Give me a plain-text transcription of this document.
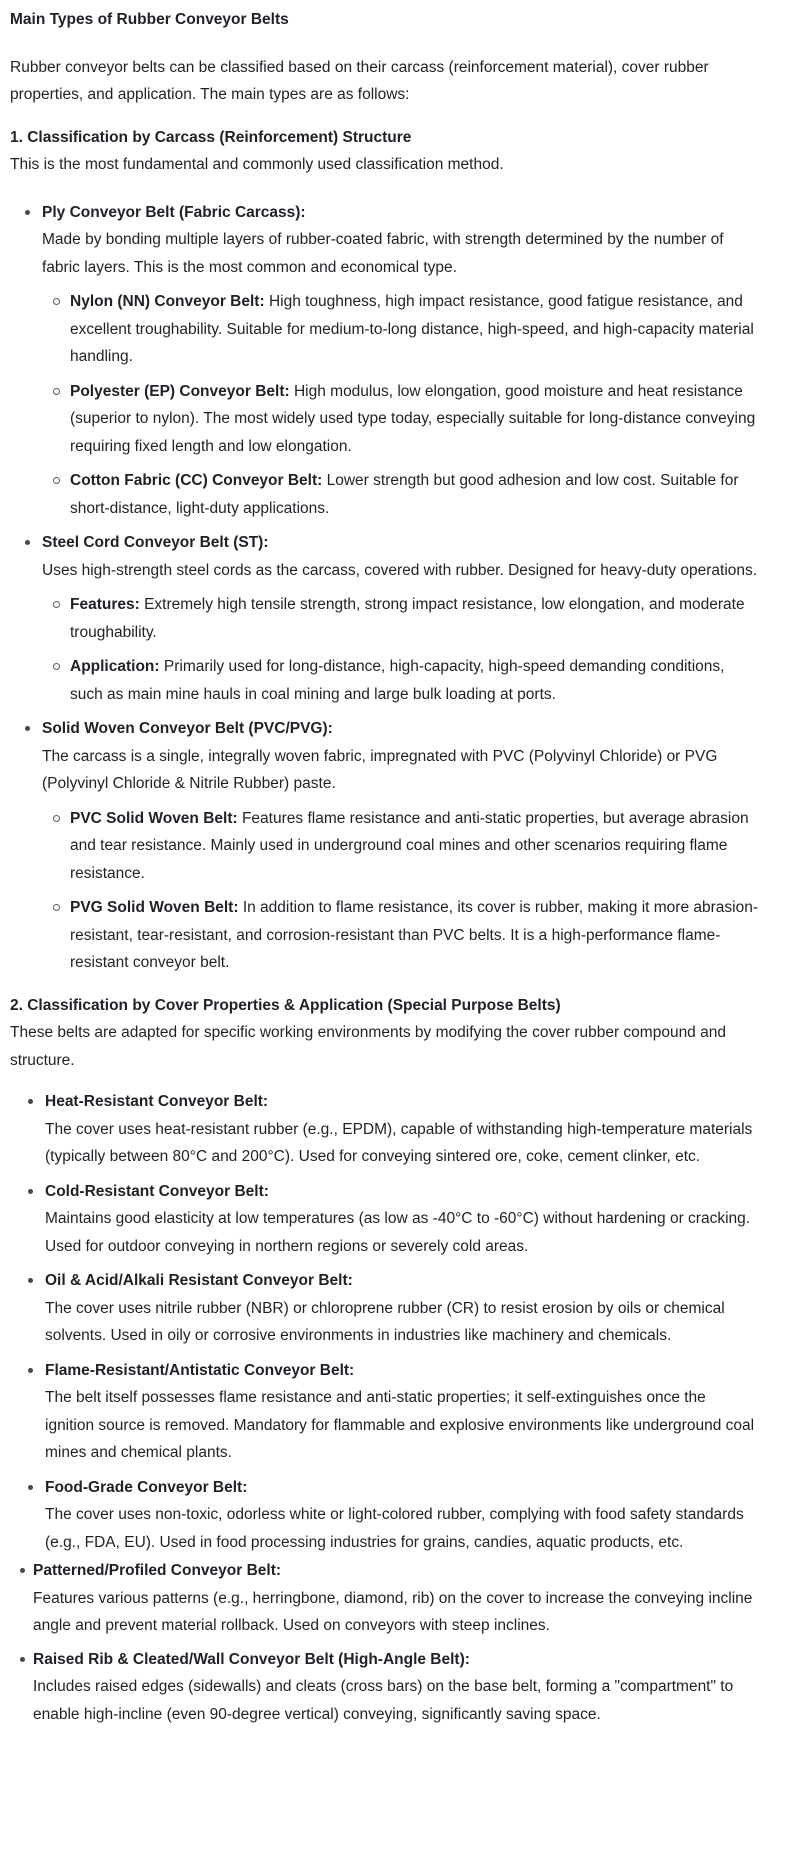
Main Types of Rubber Conveyor Belts

Rubber conveyor belts can be classified based on their carcass (reinforcement material), cover rubber properties, and application. The main types are as follows:

1. Classification by Carcass (Reinforcement) Structure

This is the most fundamental and commonly used classification method.

Ply Conveyor Belt (Fabric Carcass):
Made by bonding multiple layers of rubber-coated fabric, with strength determined by the number of fabric layers. This is the most common and economical type.
Nylon (NN) Conveyor Belt: High toughness, high impact resistance, good fatigue resistance, and excellent troughability. Suitable for medium-to-long distance, high-speed, and high-capacity material handling.
Polyester (EP) Conveyor Belt: High modulus, low elongation, good moisture and heat resistance (superior to nylon). The most widely used type today, especially suitable for long-distance conveying requiring fixed length and low elongation.
Cotton Fabric (CC) Conveyor Belt: Lower strength but good adhesion and low cost. Suitable for short-distance, light-duty applications.
Steel Cord Conveyor Belt (ST):
Uses high-strength steel cords as the carcass, covered with rubber. Designed for heavy-duty operations.
Features: Extremely high tensile strength, strong impact resistance, low elongation, and moderate troughability.
Application: Primarily used for long-distance, high-capacity, high-speed demanding conditions, such as main mine hauls in coal mining and large bulk loading at ports.
Solid Woven Conveyor Belt (PVC/PVG):
The carcass is a single, integrally woven fabric, impregnated with PVC (Polyvinyl Chloride) or PVG (Polyvinyl Chloride & Nitrile Rubber) paste.
PVC Solid Woven Belt: Features flame resistance and anti-static properties, but average abrasion and tear resistance. Mainly used in underground coal mines and other scenarios requiring flame resistance.
PVG Solid Woven Belt: In addition to flame resistance, its cover is rubber, making it more abrasion-resistant, tear-resistant, and corrosion-resistant than PVC belts. It is a high-performance flame-resistant conveyor belt.

2. Classification by Cover Properties & Application (Special Purpose Belts)

These belts are adapted for specific working environments by modifying the cover rubber compound and structure.

Heat-Resistant Conveyor Belt:
The cover uses heat-resistant rubber (e.g., EPDM), capable of withstanding high-temperature materials (typically between 80°C and 200°C). Used for conveying sintered ore, coke, cement clinker, etc.
Cold-Resistant Conveyor Belt:
Maintains good elasticity at low temperatures (as low as -40°C to -60°C) without hardening or cracking. Used for outdoor conveying in northern regions or severely cold areas.
Oil & Acid/Alkali Resistant Conveyor Belt:
The cover uses nitrile rubber (NBR) or chloroprene rubber (CR) to resist erosion by oils or chemical solvents. Used in oily or corrosive environments in industries like machinery and chemicals.
Flame-Resistant/Antistatic Conveyor Belt:
The belt itself possesses flame resistance and anti-static properties; it self-extinguishes once the ignition source is removed. Mandatory for flammable and explosive environments like underground coal mines and chemical plants.
Food-Grade Conveyor Belt:
The cover uses non-toxic, odorless white or light-colored rubber, complying with food safety standards (e.g., FDA, EU). Used in food processing industries for grains, candies, aquatic products, etc.
Patterned/Profiled Conveyor Belt:
Features various patterns (e.g., herringbone, diamond, rib) on the cover to increase the conveying incline angle and prevent material rollback. Used on conveyors with steep inclines.
Raised Rib & Cleated/Wall Conveyor Belt (High-Angle Belt):
Includes raised edges (sidewalls) and cleats (cross bars) on the base belt, forming a "compartment" to enable high-incline (even 90-degree vertical) conveying, significantly saving space.
